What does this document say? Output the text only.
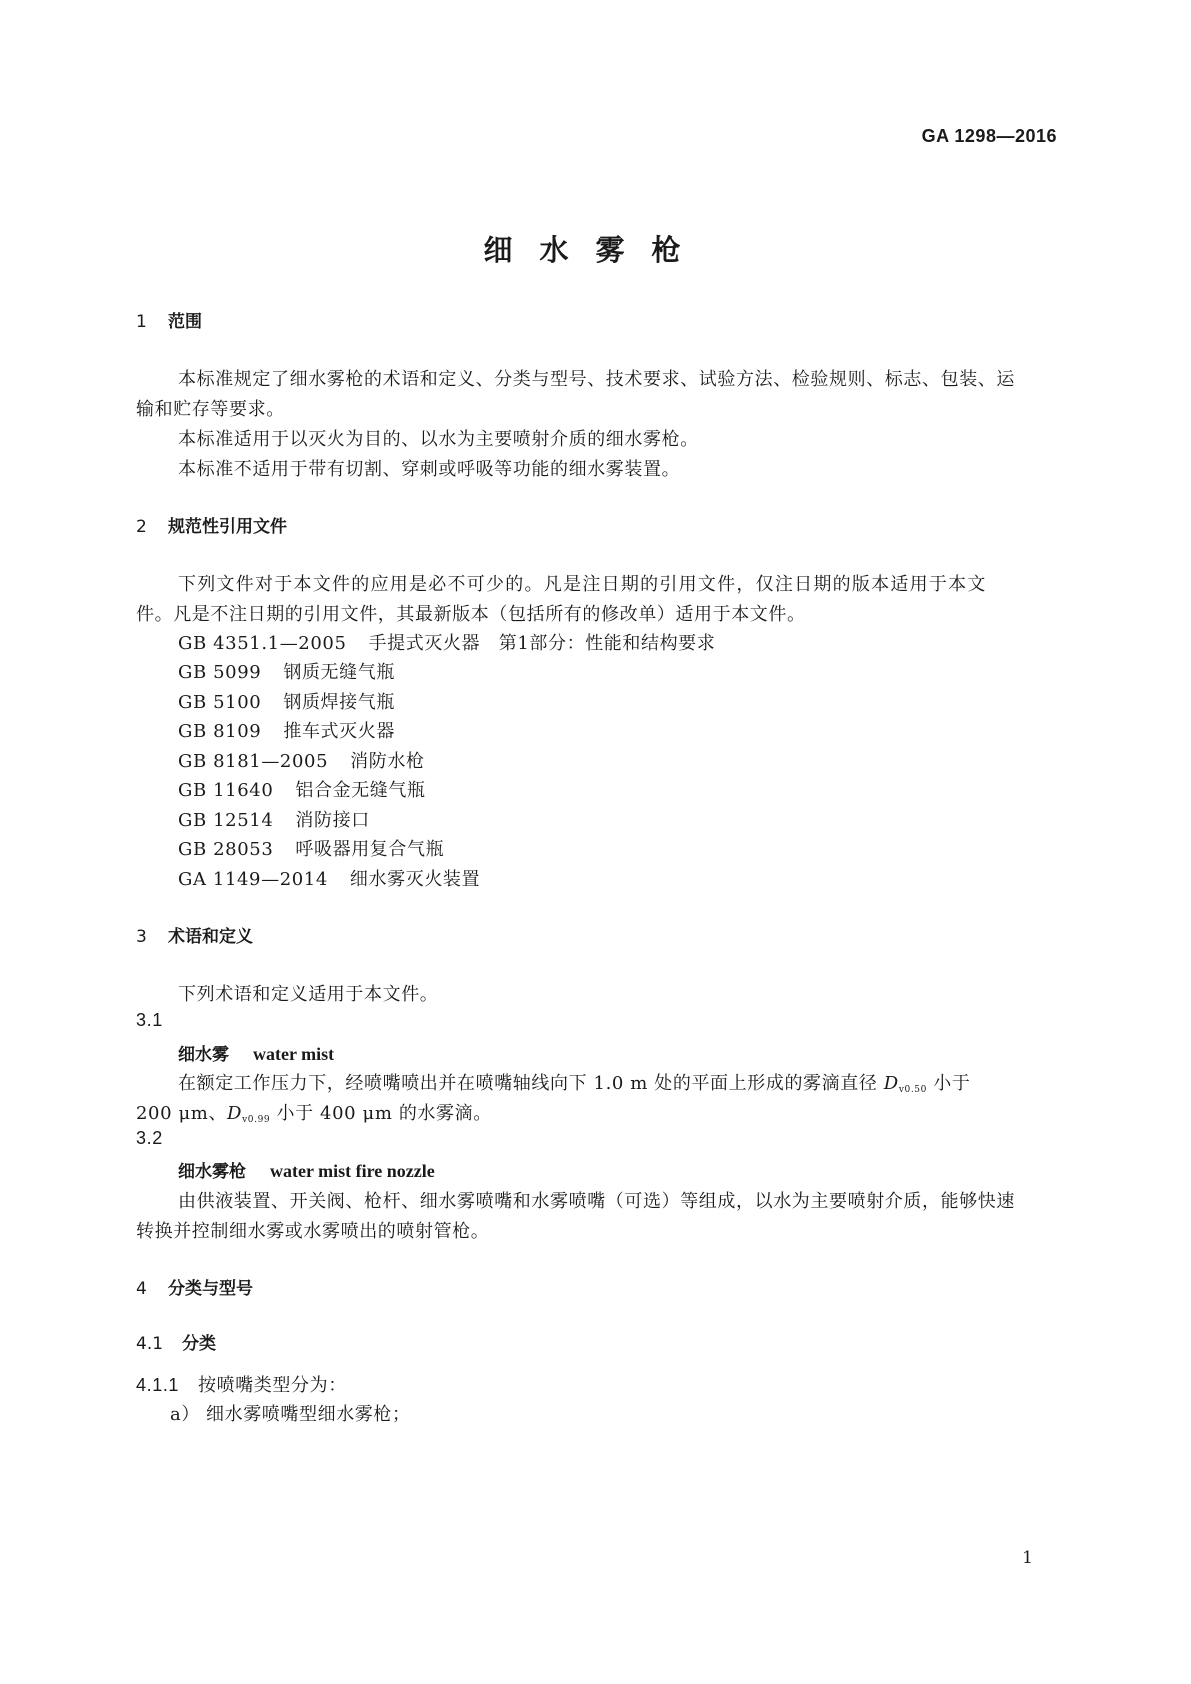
GA 1298—2016
细水雾枪
1 范围
本标准规定了细水雾枪的术语和定义、分类与型号、技术要求、试验方法、检验规则、标志、包装、运
输和贮存等要求。
本标准适用于以灭火为目的、以水为主要喷射介质的细水雾枪。
本标准不适用于带有切割、穿刺或呼吸等功能的细水雾装置。
2 规范性引用文件
下列文件对于本文件的应用是必不可少的。凡是注日期的引用文件，仅注日期的版本适用于本文
件。凡是不注日期的引用文件，其最新版本（包括所有的修改单）适用于本文件。
GB 4351.1—2005 手提式灭火器　第1部分：性能和结构要求
GB 5099 钢质无缝气瓶
GB 5100 钢质焊接气瓶
GB 8109 推车式灭火器
GB 8181—2005 消防水枪
GB 11640 铝合金无缝气瓶
GB 12514 消防接口
GB 28053 呼吸器用复合气瓶
GA 1149—2014 细水雾灭火装置
3 术语和定义
下列术语和定义适用于本文件。
3.1
细水雾 water mist
在额定工作压力下，经喷嘴喷出并在喷嘴轴线向下 1.0 m 处的平面上形成的雾滴直径 $D_{v0.50}$ 小于
200 μm、$D_{v0.99}$ 小于 400 μm 的水雾滴。
3.2
细水雾枪 water mist fire nozzle
由供液装置、开关阀、枪杆、细水雾喷嘴和水雾喷嘴（可选）等组成，以水为主要喷射介质，能够快速
转换并控制细水雾或水雾喷出的喷射管枪。
4 分类与型号
4.1 分类
4.1.1 按喷嘴类型分为：
a） 细水雾喷嘴型细水雾枪；
1
